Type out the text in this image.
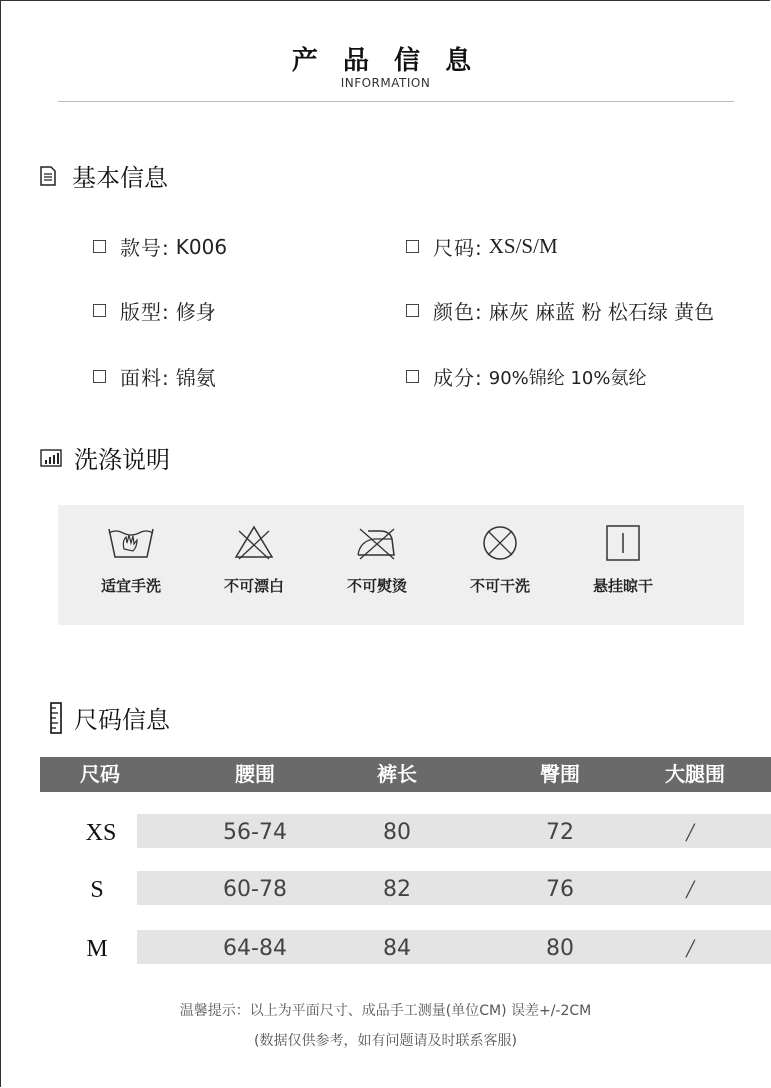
产 品 信 息
INFORMATION
基本信息
款号: K006	尺码: XS/S/M
版型: 修身	颜色: 麻灰 麻蓝 粉 松石绿 黄色
面料: 锦氨	成分: 90%锦纶 10%氨纶
洗涤说明
适宜手洗	不可漂白	不可熨烫	不可干洗	悬挂晾干
尺码信息
尺码	腰围	裤长	臀围	大腿围
XS	56-74	80	72	/
S	60-78	82	76	/
M	64-84	84	80	/
温馨提示：以上为平面尺寸、成品手工测量(单位CM) 误差+/-2CM
(数据仅供参考，如有问题请及时联系客服)
